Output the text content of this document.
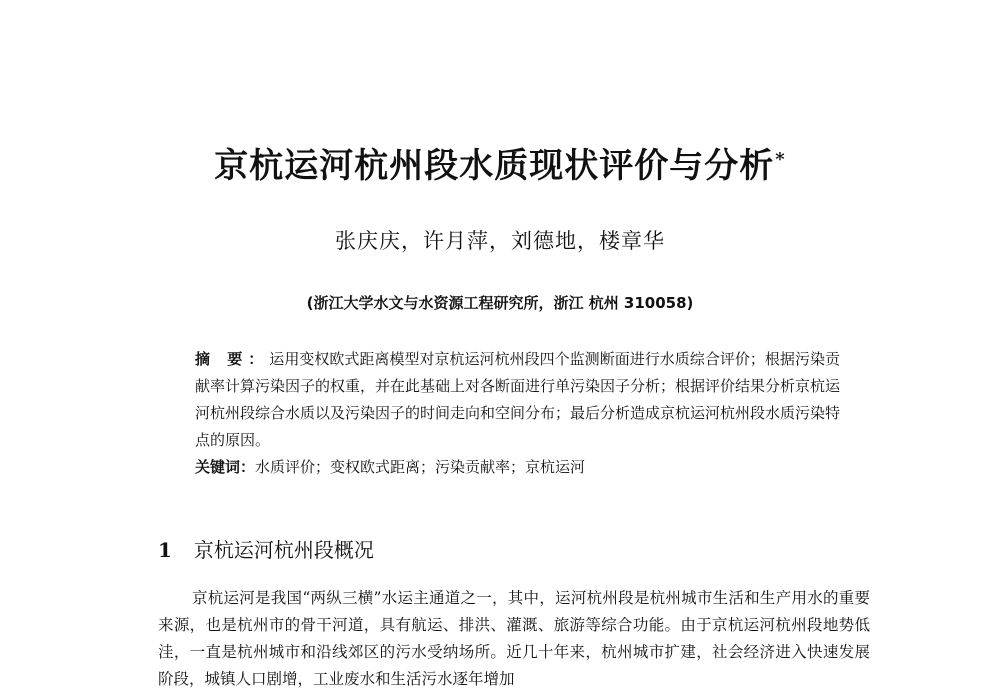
京杭运河杭州段水质现状评价与分析*
张庆庆，许月萍，刘德地，楼章华
(浙江大学水文与水资源工程研究所，浙江 杭州 310058)

摘 要：运用变权欧式距离模型对京杭运河杭州段四个监测断面进行水质综合评价；根据污染贡献率计算污染因子的权重，并在此基础上对各断面进行单污染因子分析；根据评价结果分析京杭运河杭州段综合水质以及污染因子的时间走向和空间分布；最后分析造成京杭运河杭州段水质污染特点的原因。

关键词：水质评价；变权欧式距离；污染贡献率；京杭运河

1 京杭运河杭州段概况

京杭运河是我国“两纵三横”水运主通道之一，其中，运河杭州段是杭州城市生活和生产用水的重要来源，也是杭州市的骨干河道，具有航运、排洪、灌溉、旅游等综合功能。由于京杭运河杭州段地势低洼，一直是杭州城市和沿线郊区的污水受纳场所。近几十年来，杭州城市扩建，社会经济进入快速发展阶段，城镇人口剧增，工业废水和生活污水逐年增加
